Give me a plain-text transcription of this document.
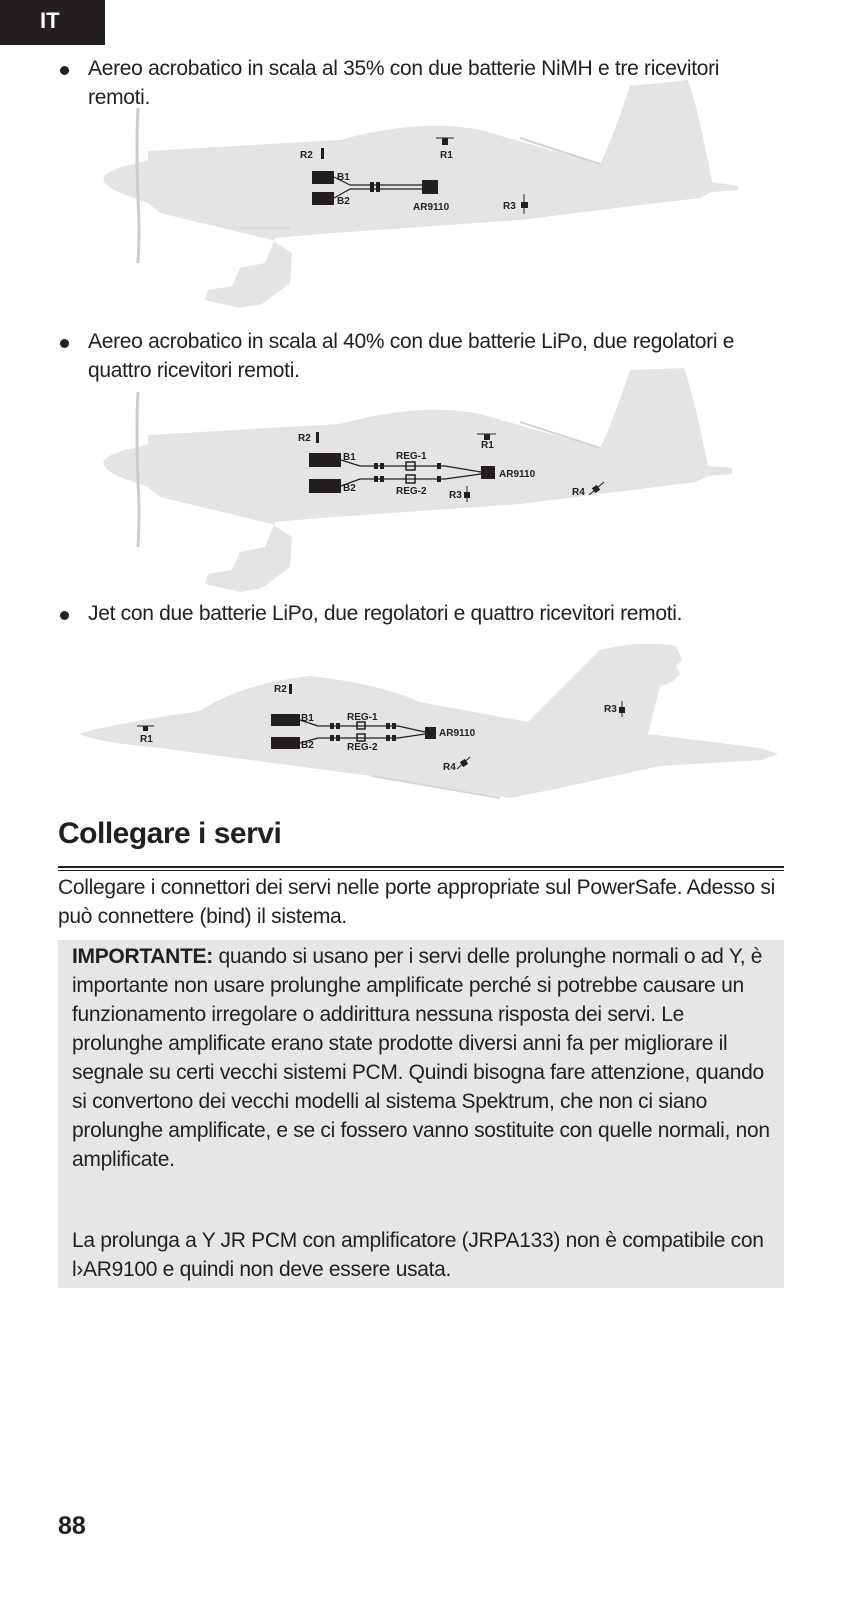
IT
Aereo acrobatico in scala al 35% con due batterie NiMH e tre ricevitori remoti.
R2	R1
B1
B2
AR9110	R3
Aereo acrobatico in scala al 40% con due batterie LiPo, due regolatori e quattro ricevitori remoti.
R2
R1
B1
B2
REG-1
REG-2
AR9110
R3	R4
Jet con due batterie LiPo, due regolatori e quattro ricevitori remoti.
R2
R1
B1
B2
REG-1
REG-2
AR9110
R3
R4
Collegare i servi
Collegare i connettori dei servi nelle porte appropriate sul PowerSafe. Adesso si può connettere (bind) il sistema.
IMPORTANTE: quando si usano per i servi delle prolunghe normali o ad Y, è importante non usare prolunghe amplificate perché si potrebbe causare un funzionamento irregolare o addirittura nessuna risposta dei servi. Le prolunghe amplificate erano state prodotte diversi anni fa per migliorare il segnale su certi vecchi sistemi PCM. Quindi bisogna fare attenzione, quando si convertono dei vecchi modelli al sistema Spektrum, che non ci siano prolunghe amplificate, e se ci fossero vanno sostituite con quelle normali, non amplificate.
La prolunga a Y JR PCM con amplificatore (JRPA133) non è compatibile con l›AR9100 e quindi non deve essere usata.
88
